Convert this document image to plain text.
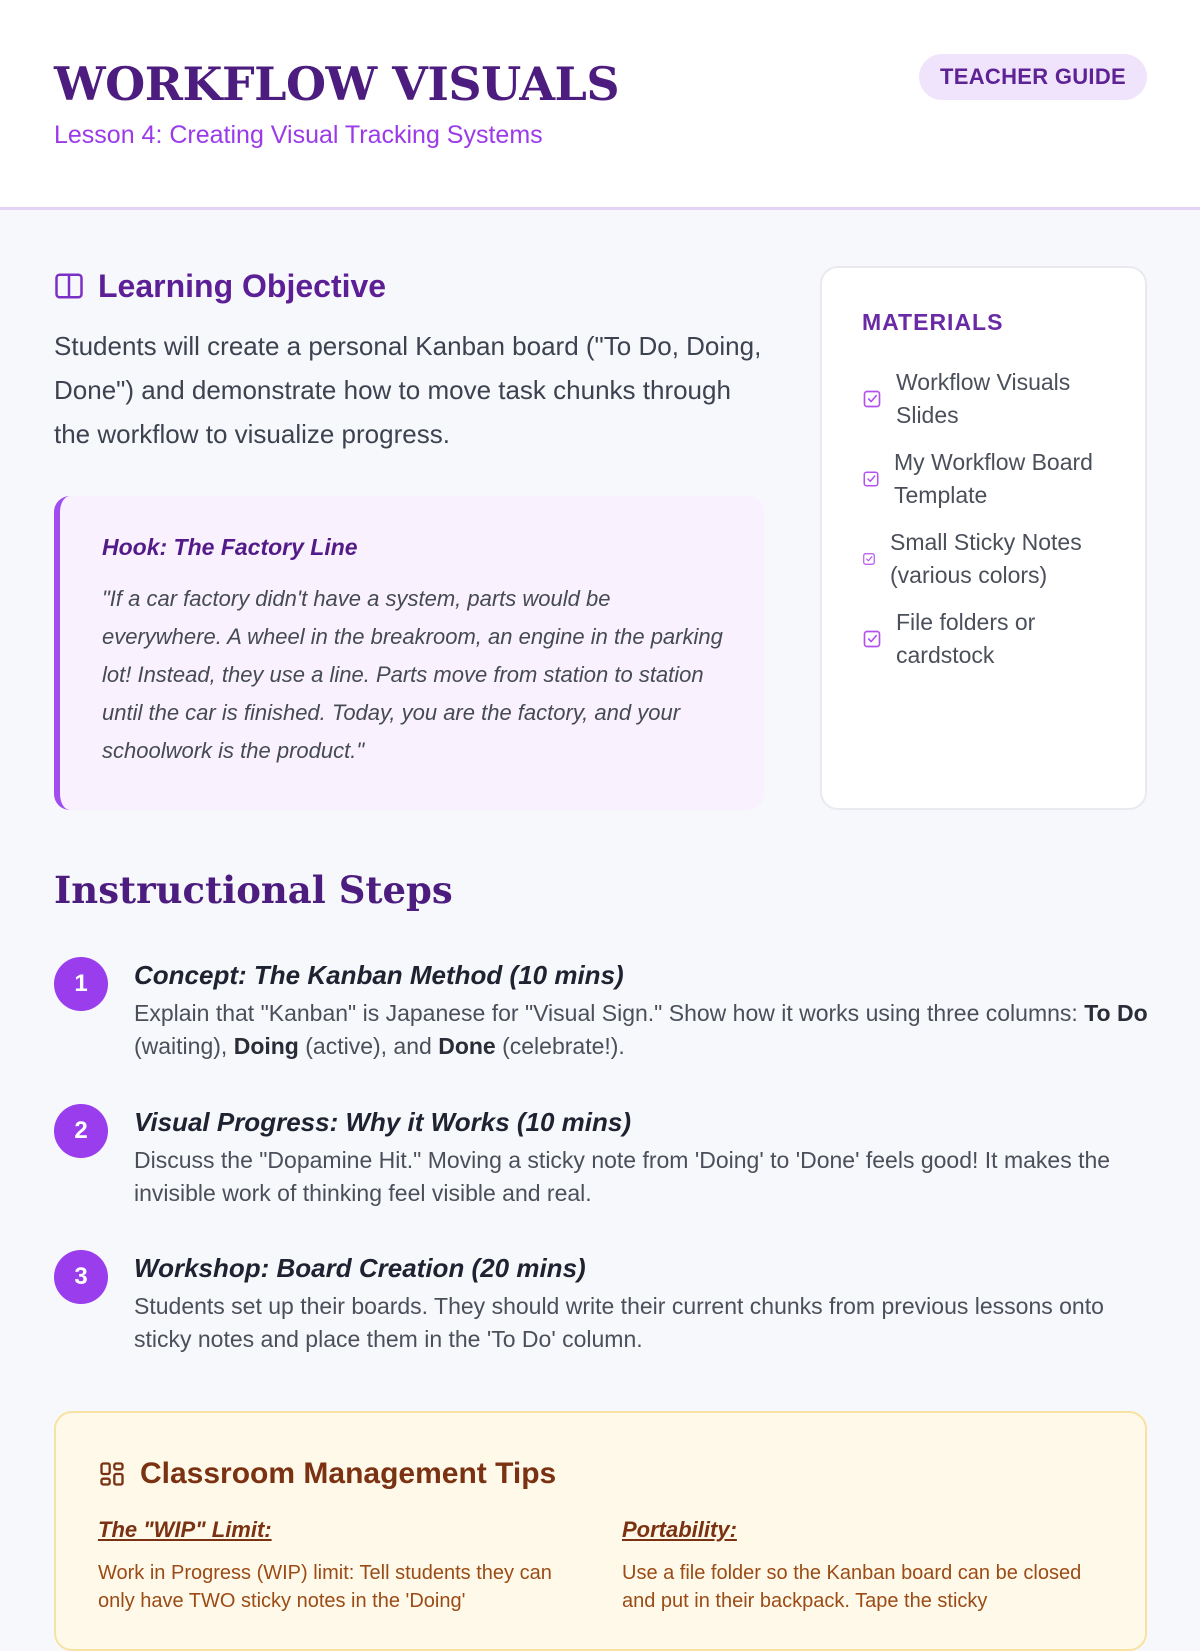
WORKFLOW VISUALS
Lesson 4: Creating Visual Tracking Systems
TEACHER GUIDE
Learning Objective
Students will create a personal Kanban board ("To Do, Doing, Done") and demonstrate how to move task chunks through the workflow to visualize progress.
Hook: The Factory Line
"If a car factory didn't have a system, parts would be everywhere. A wheel in the breakroom, an engine in the parking lot! Instead, they use a line. Parts move from station to station until the car is finished. Today, you are the factory, and your schoolwork is the product."
MATERIALS
Workflow Visuals Slides
My Workflow Board Template
Small Sticky Notes (various colors)
File folders or cardstock
Instructional Steps
1	Concept: The Kanban Method (10 mins)
Explain that "Kanban" is Japanese for "Visual Sign." Show how it works using three columns: To Do (waiting), Doing (active), and Done (celebrate!).
2	Visual Progress: Why it Works (10 mins)
Discuss the "Dopamine Hit." Moving a sticky note from 'Doing' to 'Done' feels good! It makes the invisible work of thinking feel visible and real.
3	Workshop: Board Creation (20 mins)
Students set up their boards. They should write their current chunks from previous lessons onto sticky notes and place them in the 'To Do' column.
Classroom Management Tips
The "WIP" Limit:
Work in Progress (WIP) limit: Tell students they can only have TWO sticky notes in the 'Doing'
Portability:
Use a file folder so the Kanban board can be closed and put in their backpack. Tape the sticky
